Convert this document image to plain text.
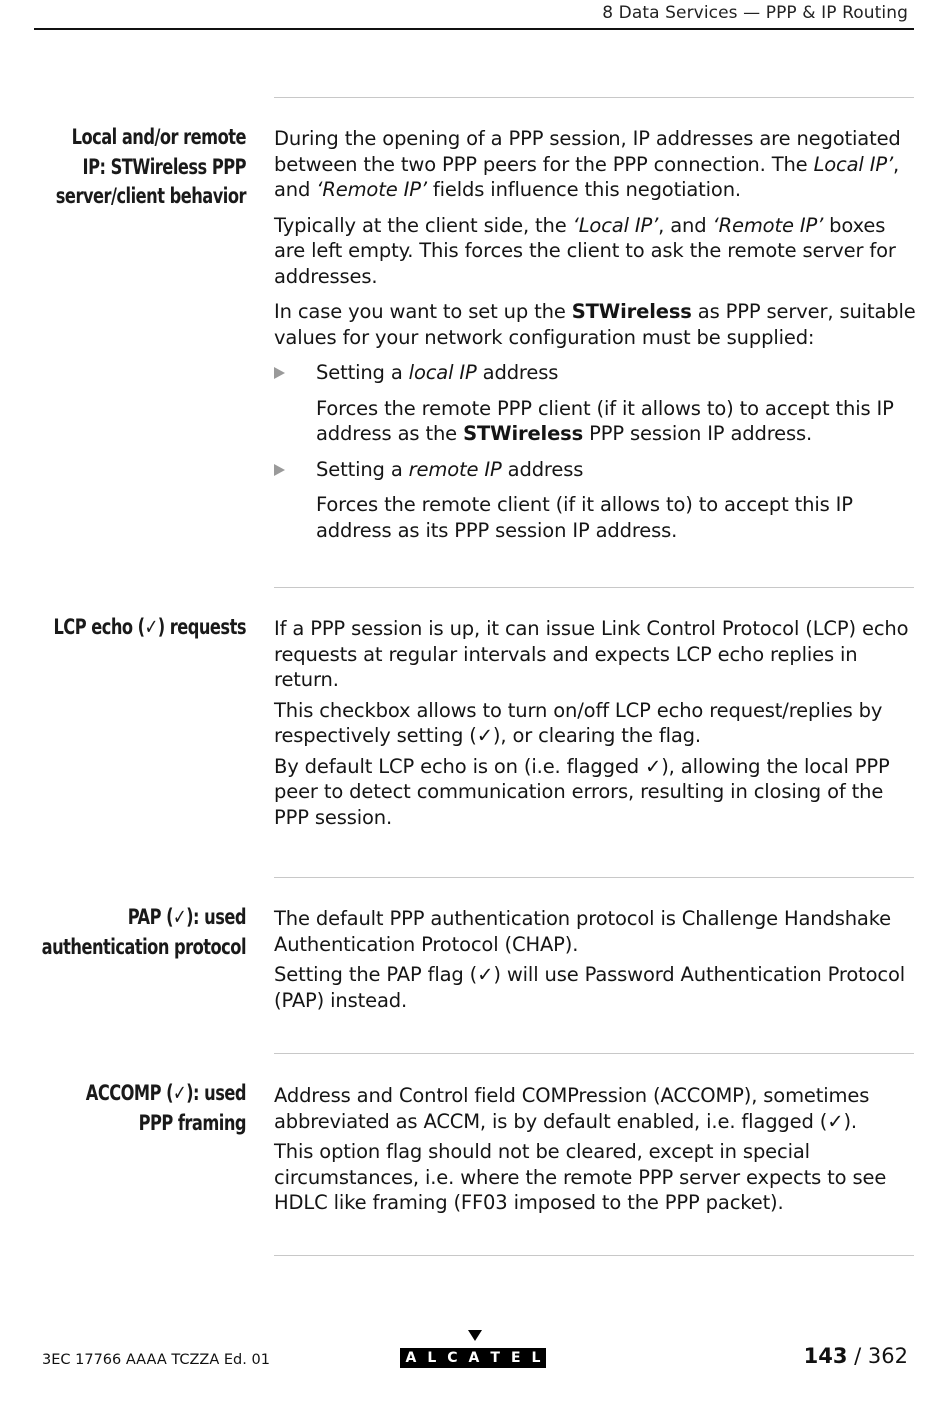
8 Data Services — PPP & IP Routing
Local and/or remote
IP: STWireless PPP
server/client behavior

During the opening of a PPP session, IP addresses are negotiated between the two PPP peers for the PPP connection. The Local IP’, and ‘Remote IP’ fields influence this negotiation.

Typically at the client side, the ‘Local IP’, and ‘Remote IP’ boxes are left empty. This forces the client to ask the remote server for addresses.

In case you want to set up the STWireless as PPP server, suitable values for your network configuration must be supplied:

Setting a local IP address
Forces the remote PPP client (if it allows to) to accept this IP address as the STWireless PPP session IP address.
Setting a remote IP address
Forces the remote client (if it allows to) to accept this IP address as its PPP session IP address.
LCP echo (✓) requests If a PPP session is up, it can issue Link Control Protocol (LCP) echo requests at regular intervals and expects LCP echo replies in return.

This checkbox allows to turn on/off LCP echo request/replies by respectively setting (✓), or clearing the flag.

By default LCP echo is on (i.e. flagged ✓), allowing the local PPP peer to detect communication errors, resulting in closing of the PPP session.

PAP (✓): used
authentication protocol

The default PPP authentication protocol is Challenge Handshake Authentication Protocol (CHAP).

Setting the PAP flag (✓) will use Password Authentication Protocol (PAP) instead.

ACCOMP (✓): used
PPP framing

Address and Control field COMPression (ACCOMP), sometimes abbreviated as ACCM, is by default enabled, i.e. flagged (✓).

This option flag should not be cleared, except in special circumstances, i.e. where the remote PPP server expects to see HDLC like framing (FF03 imposed to the PPP packet).

3EC 17766 AAAA TCZZA Ed. 01	A L C A T E L	143 / 362
